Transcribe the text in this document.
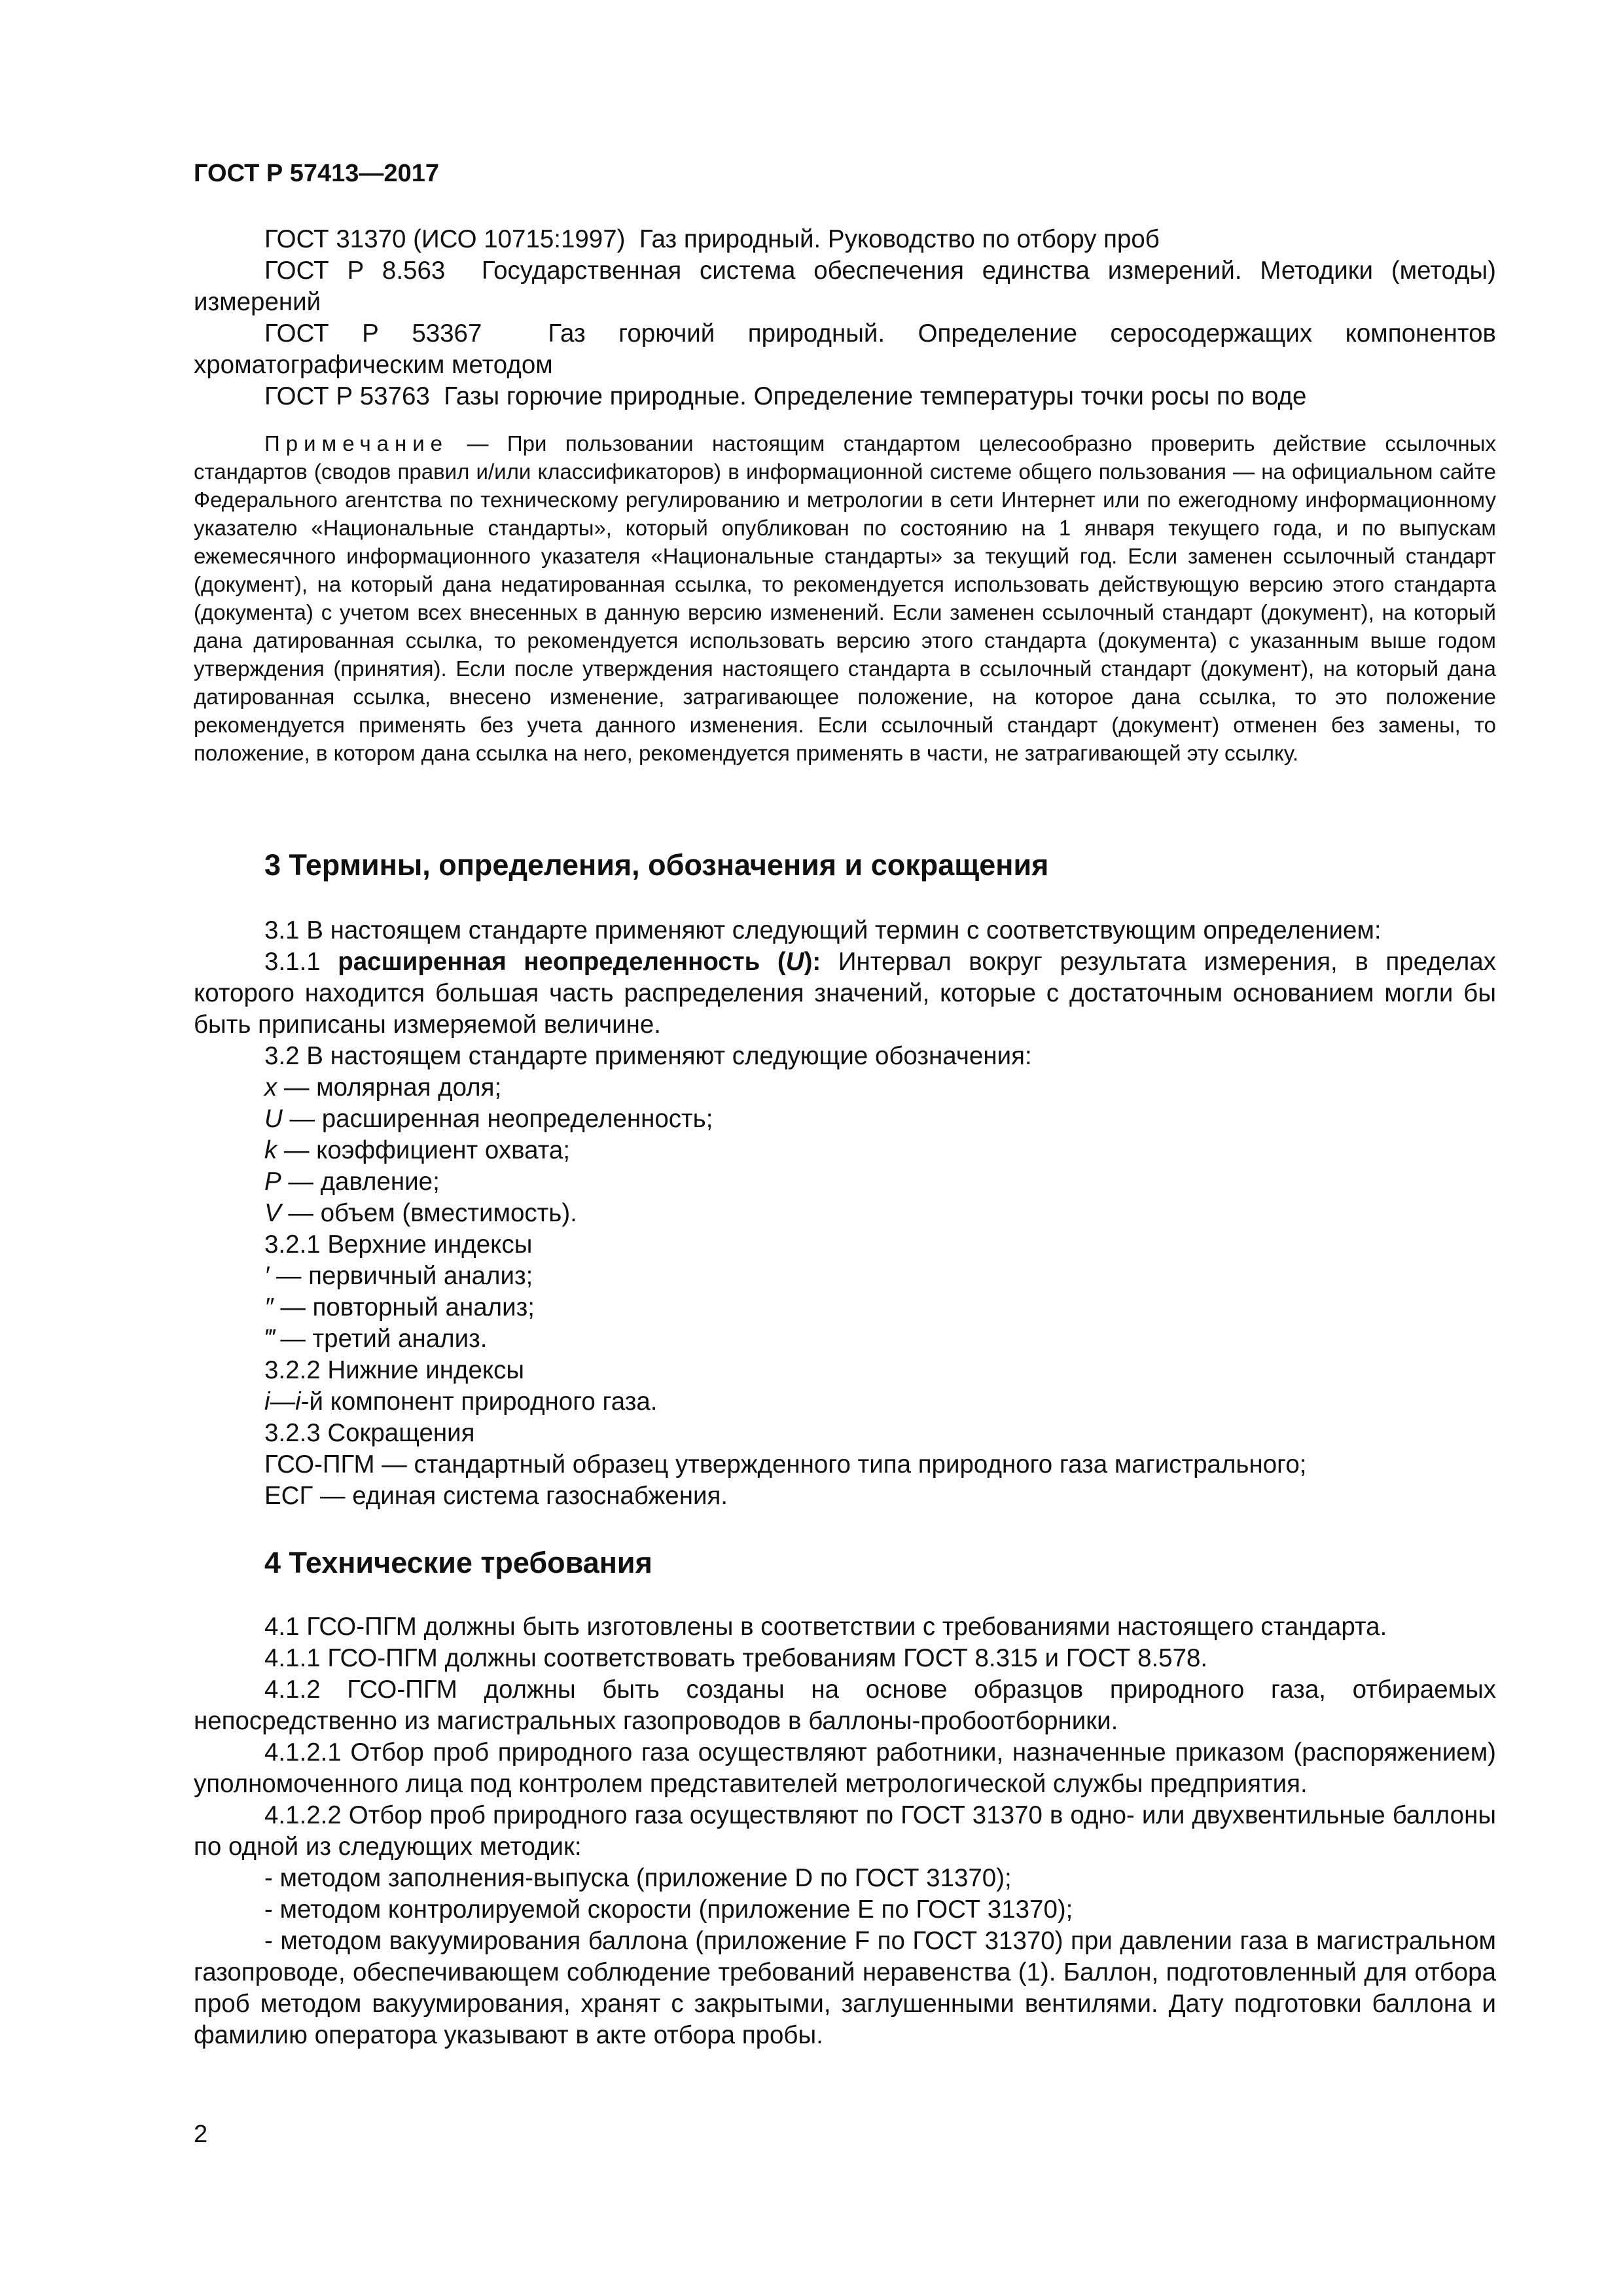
ГОСТ Р 57413—2017

ГОСТ 31370 (ИСО 10715:1997) Газ природный. Руководство по отбору проб

ГОСТ Р 8.563 Государственная система обеспечения единства измерений. Методики (методы) измерений

ГОСТ Р 53367	Газ горючий природный. Определение серосодержащих компонентов хроматографическим методом

ГОСТ Р 53763 Газы горючие природные. Определение температуры точки росы по воде

Примечание — При пользовании настоящим стандартом целесообразно проверить действие ссылочных стандартов (сводов правил и/или классификаторов) в информационной системе общего пользования — на официальном сайте Федерального агентства по техническому регулированию и метрологии в сети Интернет или по ежегодному информационному указателю «Национальные стандарты», который опубликован по состоянию на 1 января текущего года, и по выпускам ежемесячного информационного указателя «Национальные стандарты» за текущий год. Если заменен ссылочный стандарт (документ), на который дана недатированная ссылка, то рекомендуется использовать действующую версию этого стандарта (документа) с учетом всех внесенных в данную версию изменений. Если заменен ссылочный стандарт (документ), на который дана датированная ссылка, то рекомендуется использовать версию этого стандарта (документа) с указанным выше годом утверждения (принятия). Если после утверждения настоящего стандарта в ссылочный стандарт (документ), на который дана датированная ссылка, внесено изменение, затрагивающее положение, на которое дана ссылка, то это положение рекомендуется применять без учета данного изменения. Если ссылочный стандарт (документ) отменен без замены, то положение, в котором дана ссылка на него, рекомендуется применять в части, не затрагивающей эту ссылку.

3 Термины, определения, обозначения и сокращения

3.1 В настоящем стандарте применяют следующий термин с соответствующим определением:

3.1.1 расширенная неопределенность (U): Интервал вокруг результата измерения, в пределах которого находится большая часть распределения значений, которые с достаточным основанием могли бы быть приписаны измеряемой величине.

3.2 В настоящем стандарте применяют следующие обозначения:

x — молярная доля;

U — расширенная неопределенность;

k — коэффициент охвата;

P — давление;

V — объем (вместимость).

3.2.1 Верхние индексы

′ — первичный анализ;

″ — повторный анализ;

‴ — третий анализ.

3.2.2 Нижние индексы

i—i-й компонент природного газа.

3.2.3 Сокращения

ГСО-ПГМ — стандартный образец утвержденного типа природного газа магистрального;

ЕСГ — единая система газоснабжения.

4 Технические требования

4.1 ГСО-ПГМ должны быть изготовлены в соответствии с требованиями настоящего стандарта.

4.1.1 ГСО-ПГМ должны соответствовать требованиям ГОСТ 8.315 и ГОСТ 8.578.

4.1.2 ГСО-ПГМ должны быть созданы на основе образцов природного газа, отбираемых непосредственно из магистральных газопроводов в баллоны-пробоотборники.

4.1.2.1 Отбор проб природного газа осуществляют работники, назначенные приказом (распоряжением) уполномоченного лица под контролем представителей метрологической службы предприятия.

4.1.2.2 Отбор проб природного газа осуществляют по ГОСТ 31370 в одно- или двухвентильные баллоны по одной из следующих методик:

- методом заполнения-выпуска (приложение D по ГОСТ 31370);

- методом контролируемой скорости (приложение E по ГОСТ 31370);

- методом вакуумирования баллона (приложение F по ГОСТ 31370) при давлении газа в магистральном газопроводе, обеспечивающем соблюдение требований неравенства (1). Баллон, подготовленный для отбора проб методом вакуумирования, хранят с закрытыми, заглушенными вентилями. Дату подготовки баллона и фамилию оператора указывают в акте отбора пробы.

2
